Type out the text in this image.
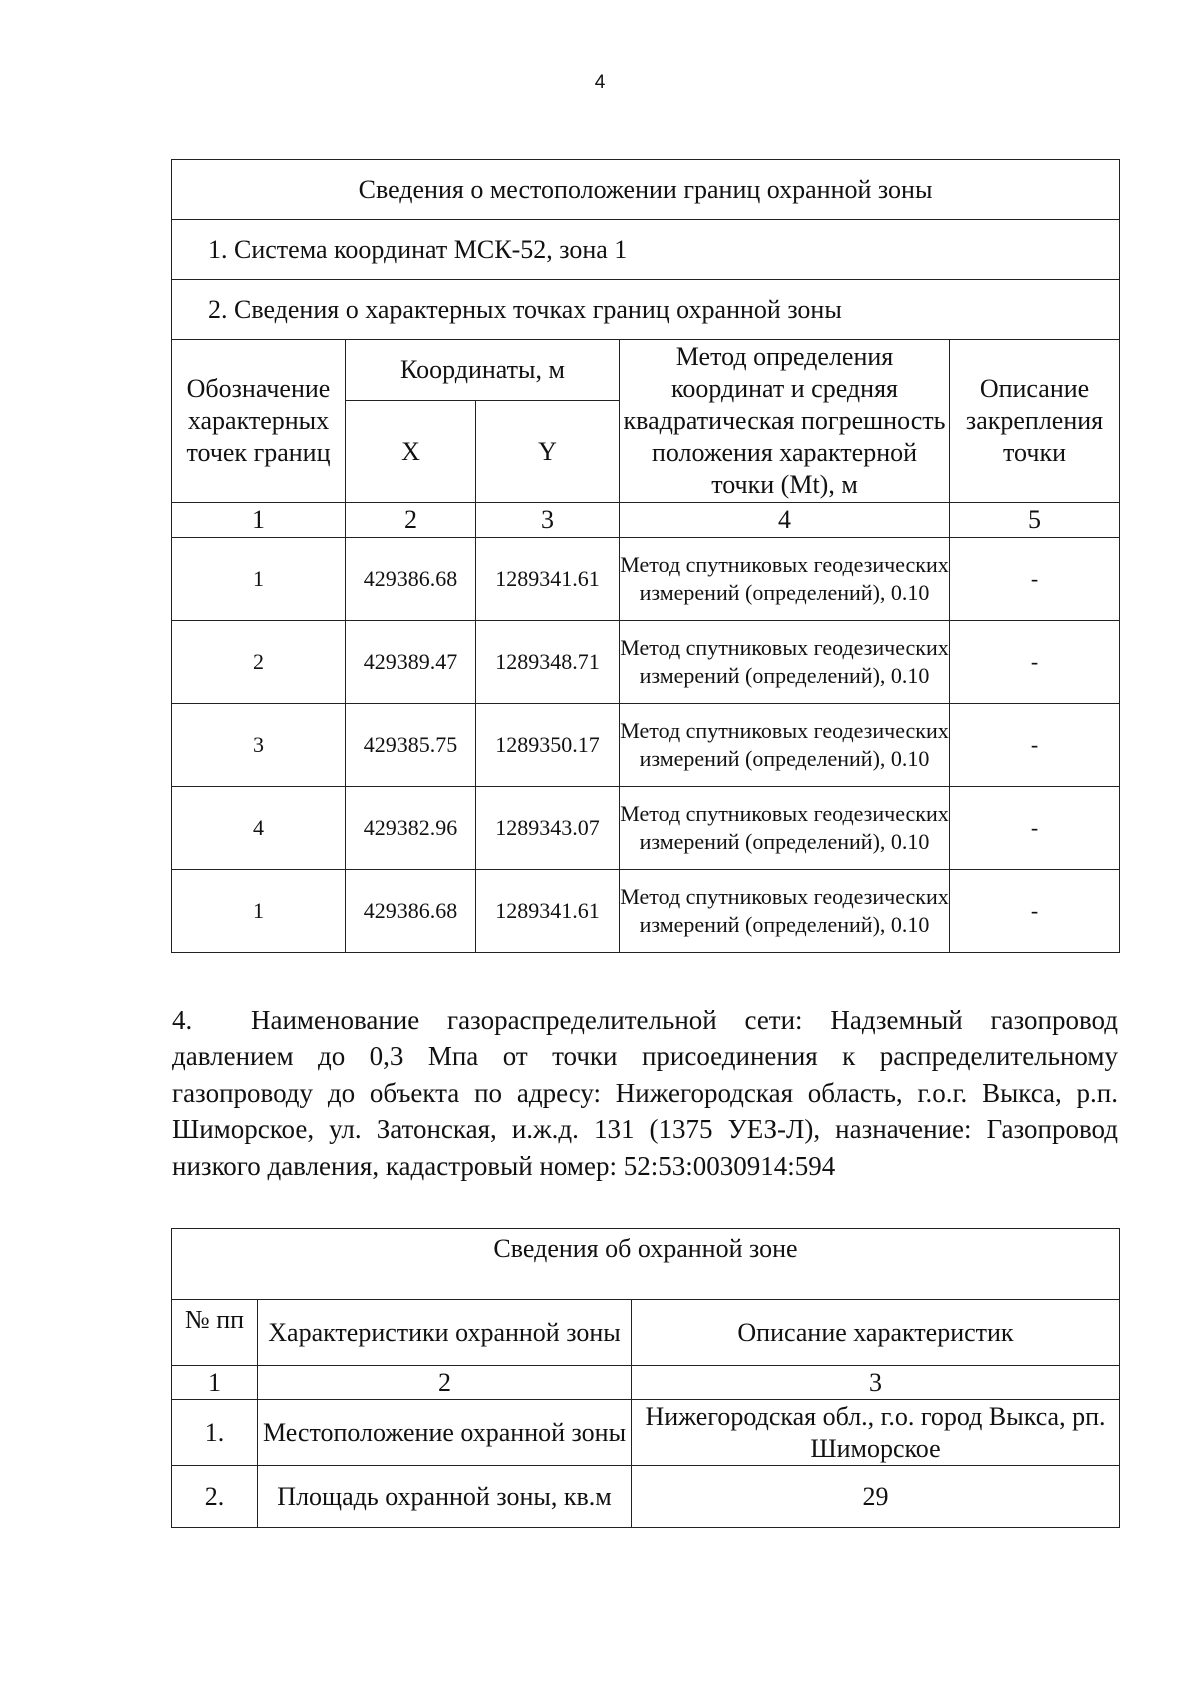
4
Сведения о местоположении границ охранной зоны				
1. Система координат МСК-52, зона 1				
2. Сведения о характерных точках границ охранной зоны				
Обозначение характерных точек границ	Координаты, м		Метод определения координат и средняя квадратическая погрешность положения характерной точки (Mt), м	Описание закрепления точки
	X	Y		
1	2	3	4	5
1	429386.68	1289341.61	Метод спутниковых геодезических измерений (определений), 0.10	-
2	429389.47	1289348.71	Метод спутниковых геодезических измерений (определений), 0.10	-
3	429385.75	1289350.17	Метод спутниковых геодезических измерений (определений), 0.10	-
4	429382.96	1289343.07	Метод спутниковых геодезических измерений (определений), 0.10	-
1	429386.68	1289341.61	Метод спутниковых геодезических измерений (определений), 0.10	-

4. Наименование газораспределительной сети: Надземный газопровод давлением до 0,3 Мпа от точки присоединения к распределительному газопроводу до объекта по адресу: Нижегородская область, г.о.г. Выкса, р.п. Шиморское, ул. Затонская, и.ж.д. 131 (1375 УЕЗ-Л), назначение: Газопровод низкого давления, кадастровый номер: 52:53:0030914:594

Сведения об охранной зоне		
№ пп	Характеристики охранной зоны	Описание характеристик
1	2	3
1.	Местоположение охранной зоны	Нижегородская обл., г.о. город Выкса, рп. Шиморское
2.	Площадь охранной зоны, кв.м	29
